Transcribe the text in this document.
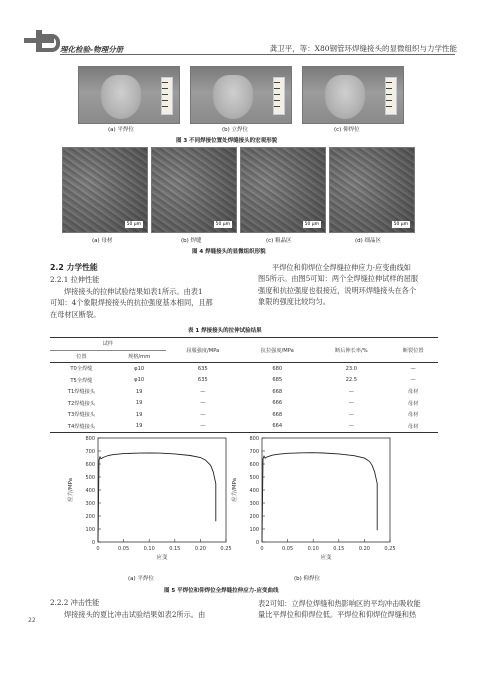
理化检验-物理分册	龚卫平，等：X80钢管环焊缝接头的显微组织与力学性能
(a) 平焊位	(b) 立焊位	(c) 仰焊位
图 3 不同焊接位置处焊缝接头的宏观形貌
50 μm	50 μm	50 μm	50 μm
(a) 母材	(b) 焊缝	(c) 粗晶区	(d) 细晶区
图 4 焊缝接头的显微组织形貌
2.2 力学性能
2.2.1 拉伸性能
焊接接头的拉伸试验结果如表1所示。由表1
可知：4个象限焊接接头的抗拉强度基本相同，且都
在母材区断裂。
平焊位和仰焊位全焊缝拉伸应力-应变曲线如
图5所示。由图5可知：两个全焊缝拉伸试样的屈服
强度和抗拉强度也很接近，说明环焊缝接头在各个
象限的强度比较均匀。
表 1 焊接接头的拉伸试验结果
试样		屈服强度/MPa	抗拉强度/MPa	断后伸长率/%	断裂位置
位置	规格/mm				
T0全焊缝	φ10	635	680	23.0	—
T5全焊缝	φ10	635	685	22.5	—
T1焊缝接头	19	—	668	—	母材
T2焊缝接头	19	—	666	—	母材
T3焊缝接头	19	—	668	—	母材
T4焊缝接头	19	—	664	—	母材
0
100
200
300
400
500
600
700
800
0	0.05	0.10	0.15	0.20	0.25
应变
应力/MPa
0
100
200
300
400
500
600
700
800
0	0.05	0.10	0.15	0.20	0.25
应变
应力/MPa
(a) 平焊位	(b) 仰焊位
图 5 平焊位和仰焊位全焊缝拉伸应力-应变曲线
2.2.2 冲击性能
焊接接头的夏比冲击试验结果如表2所示。由
表2可知：立焊位焊缝和热影响区的平均冲击吸收能
量比平焊位和仰焊位低。平焊位和仰焊位焊缝和热
22
